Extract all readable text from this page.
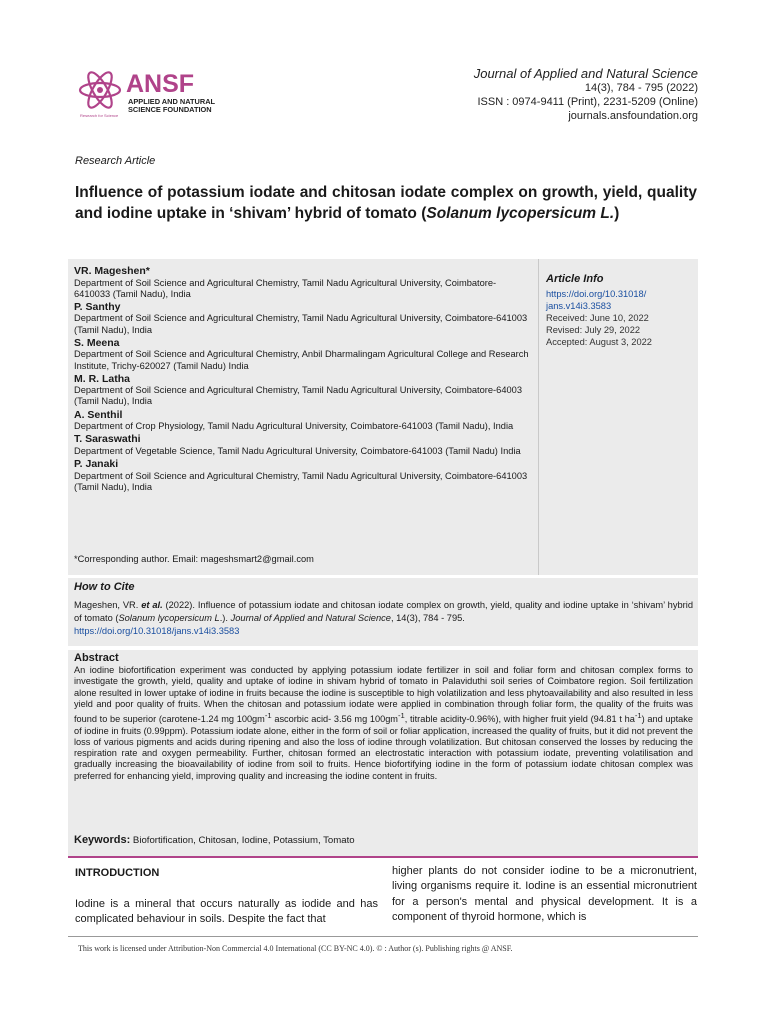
ANSF
APPLIED AND NATURAL
SCIENCE FOUNDATION
Research for Science
Journal of Applied and Natural Science
14(3), 784 - 795 (2022)
ISSN : 0974-9411 (Print), 2231-5209 (Online)
journals.ansfoundation.org
Research Article
Influence of potassium iodate and chitosan iodate complex on growth, yield, quality and iodine uptake in ‘shivam’ hybrid of tomato (Solanum lycopersicum L.)
VR. Mageshen*
Department of Soil Science and Agricultural Chemistry, Tamil Nadu Agricultural University, Coimbatore-6410033 (Tamil Nadu), India
P. Santhy
Department of Soil Science and Agricultural Chemistry, Tamil Nadu Agricultural University, Coimbatore-641003 (Tamil Nadu), India
S. Meena
Department of Soil Science and Agricultural Chemistry, Anbil Dharmalingam Agricultural College and Research Institute, Trichy-620027 (Tamil Nadu) India
M. R. Latha
Department of Soil Science and Agricultural Chemistry, Tamil Nadu Agricultural University, Coimbatore-64003 (Tamil Nadu), India
A. Senthil
Department of Crop Physiology, Tamil Nadu Agricultural University, Coimbatore-641003 (Tamil Nadu), India
T. Saraswathi
Department of Vegetable Science, Tamil Nadu Agricultural University, Coimbatore-641003 (Tamil Nadu) India
P. Janaki
Department of Soil Science and Agricultural Chemistry, Tamil Nadu Agricultural University, Coimbatore-641003 (Tamil Nadu), India
*Corresponding author. Email: mageshsmart2@gmail.com
Article Info
https://doi.org/10.31018/
jans.v14i3.3583
Received: June 10, 2022
Revised: July 29, 2022
Accepted: August 3, 2022
How to Cite
Mageshen, VR. et al. (2022). Influence of potassium iodate and chitosan iodate complex on growth, yield, quality and iodine uptake in ‘shivam’ hybrid of tomato (Solanum lycopersicum L.). Journal of Applied and Natural Science, 14(3), 784 - 795.
https://doi.org/10.31018/jans.v14i3.3583
Abstract
An iodine biofortification experiment was conducted by applying potassium iodate fertilizer in soil and foliar form and chitosan complex forms to investigate the growth, yield, quality and uptake of iodine in shivam hybrid of tomato in Palaviduthi soil series of Coimbatore region. Soil fertilization alone resulted in lower uptake of iodine in fruits because the iodine is susceptible to high volatilization and less phytoavailability and also resulted in less yield and poor quality of fruits. When the chitosan and potassium iodate were applied in combination through foliar form, the quality of the fruits was found to be superior (carotene-1.24 mg $100gm^{-1}$ ascorbic acid- 3.56 mg $100gm^{-1}$, titrable acidity-0.96%), with higher fruit yield (94.81 t $ha^{-1}$) and uptake of iodine in fruits (0.99ppm). Potassium iodate alone, either in the form of soil or foliar application, increased the quality of fruits, but it did not prevent the loss of various pigments and acids during ripening and also the loss of iodine through volatilization. But chitosan conserved the losses by reducing the respiration rate and oxygen permeability. Further, chitosan formed an electrostatic interaction with potassium iodate, preventing volatilisation and gradually increasing the bioavailability of iodine from soil to fruits. Hence biofortifying iodine in the form of potassium iodate chitosan complex was preferred for enhancing yield, improving quality and increasing the iodine content in fruits.
Keywords: Biofortification, Chitosan, Iodine, Potassium, Tomato
INTRODUCTION
Iodine is a mineral that occurs naturally as iodide and has complicated behaviour in soils. Despite the fact that
higher plants do not consider iodine to be a micronutrient, living organisms require it. Iodine is an essential micronutrient for a person's mental and physical development. It is a component of thyroid hormone, which is
This work is licensed under Attribution-Non Commercial 4.0 International (CC BY-NC 4.0). © : Author (s). Publishing rights @ ANSF.
